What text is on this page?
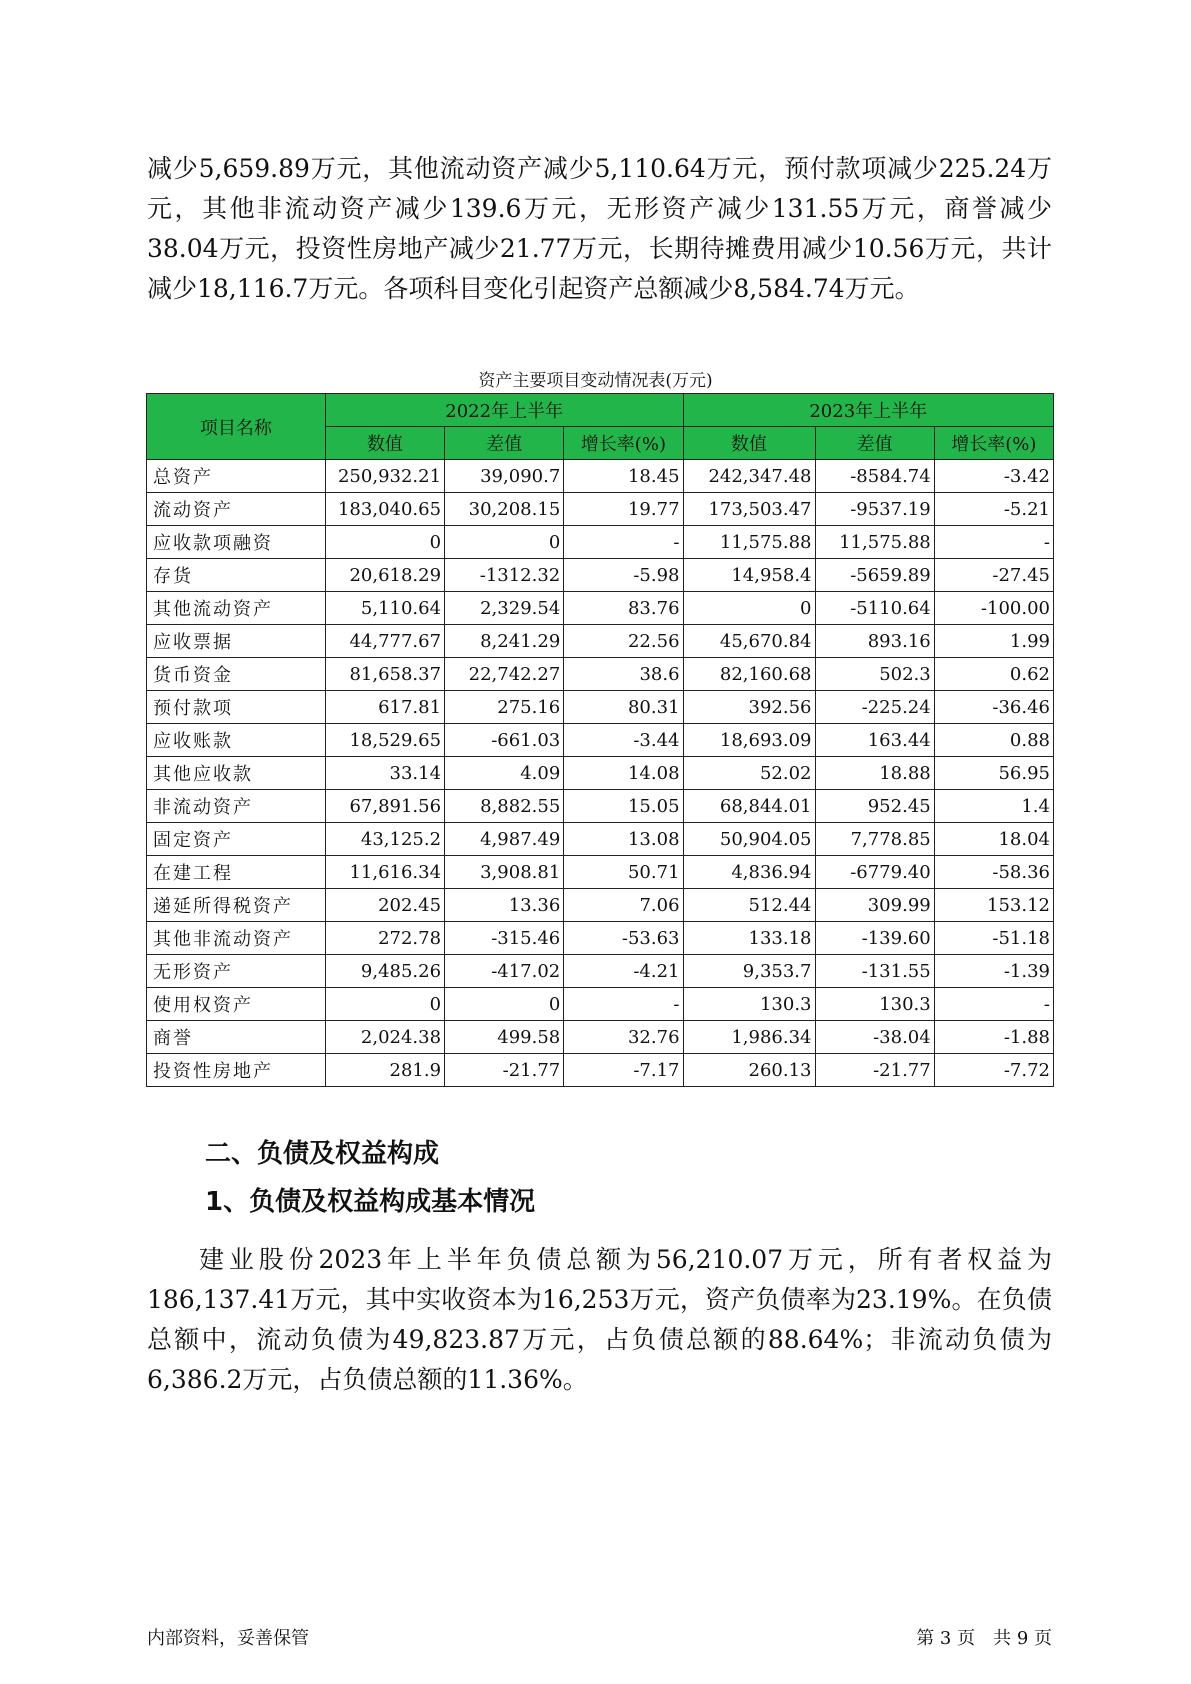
减少5,659.89万元，其他流动资产减少5,110.64万元，预付款项减少225.24万元，其他非流动资产减少139.6万元，无形资产减少131.55万元，商誉减少38.04万元，投资性房地产减少21.77万元，长期待摊费用减少10.56万元，共计减少18,116.7万元。各项科目变化引起资产总额减少8,584.74万元。

资产主要项目变动情况表(万元)
项目名称	2022年上半年			2023年上半年		
	数值	差值	增长率(%)	数值	差值	增长率(%)
总资产	250,932.21	39,090.7	18.45	242,347.48	-8584.74	-3.42
流动资产	183,040.65	30,208.15	19.77	173,503.47	-9537.19	-5.21
应收款项融资	0	0	-	11,575.88	11,575.88	-
存货	20,618.29	-1312.32	-5.98	14,958.4	-5659.89	-27.45
其他流动资产	5,110.64	2,329.54	83.76	0	-5110.64	-100.00
应收票据	44,777.67	8,241.29	22.56	45,670.84	893.16	1.99
货币资金	81,658.37	22,742.27	38.6	82,160.68	502.3	0.62
预付款项	617.81	275.16	80.31	392.56	-225.24	-36.46
应收账款	18,529.65	-661.03	-3.44	18,693.09	163.44	0.88
其他应收款	33.14	4.09	14.08	52.02	18.88	56.95
非流动资产	67,891.56	8,882.55	15.05	68,844.01	952.45	1.4
固定资产	43,125.2	4,987.49	13.08	50,904.05	7,778.85	18.04
在建工程	11,616.34	3,908.81	50.71	4,836.94	-6779.40	-58.36
递延所得税资产	202.45	13.36	7.06	512.44	309.99	153.12
其他非流动资产	272.78	-315.46	-53.63	133.18	-139.60	-51.18
无形资产	9,485.26	-417.02	-4.21	9,353.7	-131.55	-1.39
使用权资产	0	0	-	130.3	130.3	-
商誉	2,024.38	499.58	32.76	1,986.34	-38.04	-1.88
投资性房地产	281.9	-21.77	-7.17	260.13	-21.77	-7.72
二、负债及权益构成
1、负债及权益构成基本情况

建业股份2023年上半年负债总额为56,210.07万元，所有者权益为186,137.41万元，其中实收资本为16,253万元，资产负债率为23.19%。在负债总额中，流动负债为49,823.87万元，占负债总额的88.64%；非流动负债为6,386.2万元，占负债总额的11.36%。

内部资料，妥善保管	第 3 页　共 9 页
